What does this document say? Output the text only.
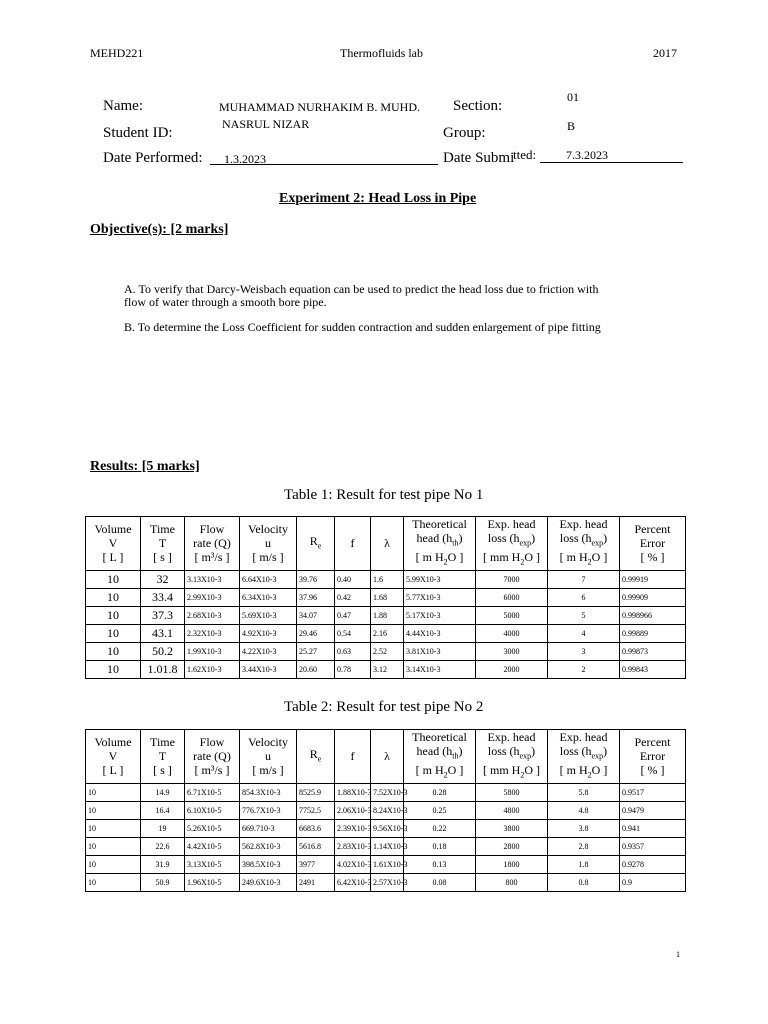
MEHD221	Thermofluids lab	2017
Name:	MUHAMMAD NURHAKIM B. MUHD.
NASRUL NIZAR
Section:
01
Student ID:	Group:	B
Date Performed: 1.3.2023	Date Submi
tted: 7.3.2023
Experiment 2: Head Loss in Pipe
Objective(s): [2 marks]
A. To verify that Darcy-Weisbach equation can be used to predict the head loss due to friction with flow of water through a smooth bore pipe.
B. To determine the Loss Coefficient for sudden contraction and sudden enlargement of pipe fitting
Results: [5 marks]
Table 1: Result for test pipe No 1
Volume
V
[ L ]	Time
T
[ s ]	Flow
rate (Q)
[ m³/s ]	Velocity
u
[ m/s ]	$R_e$	f	λ	Theoretical
head $(h_{th})$
[ m $H_2O$ ]	Exp. head
loss $(h_{exp})$
[ mm $H_2O$ ]	Exp. head
loss $(h_{exp})$
[ m $H_2O$ ]	Percent
Error
[ % ]
10	32	3.13X10-3	6.64X10-3	39.76	0.40	1.6	5.99X10-3	7000	7	0.99919
10	33.4	2.99X10-3	6.34X10-3	37.96	0.42	1.68	5.77X10-3	6000	6	0.99909
10	37.3	2.68X10-3	5.69X10-3	34.07	0.47	1.88	5.17X10-3	5000	5	0.998966
10	43.1	2.32X10-3	4.92X10-3	29.46	0.54	2.16	4.44X10-3	4000	4	0.99889
10	50.2	1.99X10-3	4.22X10-3	25.27	0.63	2.52	3.81X10-3	3000	3	0.99873
10	1.01.8	1.62X10-3	3.44X10-3	20.60	0.78	3.12	3.14X10-3	2000	2	0.99843
Table 2: Result for test pipe No 2
Volume
V
[ L ]	Time
T
[ s ]	Flow
rate (Q)
[ m³/s ]	Velocity
u
[ m/s ]	$R_e$	f	λ	Theoretical
head $(h_{th})$
[ m $H_2O$ ]	Exp. head
loss $(h_{exp})$
[ mm $H_2O$ ]	Exp. head
loss $(h_{exp})$
[ m $H_2O$ ]	Percent
Error
[ % ]
10	14.9	6.71X10-5	854.3X10-3	8525.9	1.88X10-3	7.52X10-3	0.28	5800	5.8	0.9517
10	16.4	6.10X10-5	776.7X10-3	7752.5	2.06X10-3	8.24X10-3	0.25	4800	4.8	0.9479
10	19	5.26X10-5	669.710-3	6683.6	2.39X10-3	9.56X10-3	0.22	3800	3.8	0.941
10	22.6	4.42X10-5	562.8X10-3	5616.8	2.83X10-3	1.14X10-3	0.18	2800	2.8	0.9357
10	31.9	3.13X10-5	398.5X10-3	3977	4.02X10-3	1.61X10-3	0.13	1800	1.8	0.9278
10	50.9	1.96X10-5	249.6X10-3	2491	6.42X10-3	2.57X10-3	0.08	800	0.8	0.9
1
